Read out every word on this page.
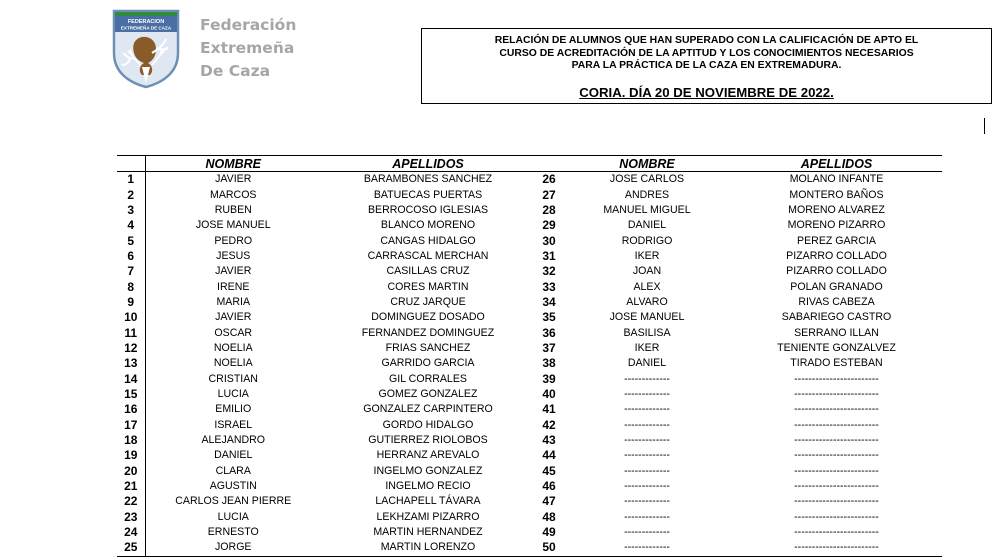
FEDERACION
EXTREMEÑA DE CAZA Federación
Extremeña
De Caza
RELACIÓN DE ALUMNOS QUE HAN SUPERADO CON LA CALIFICACIÓN DE APTO EL
CURSO DE ACREDITACIÓN DE LA APTITUD Y LOS CONOCIMIENTOS NECESARIOS
PARA LA PRÁCTICA DE LA CAZA EN EXTREMADURA.
CORIA. DÍA 20 DE NOVIEMBRE DE 2022.
	NOMBRE	APELLIDOS		NOMBRE	APELLIDOS
1	JAVIER	BARAMBONES SANCHEZ	26	JOSE CARLOS	MOLANO INFANTE
2	MARCOS	BATUECAS PUERTAS	27	ANDRES	MONTERO BAÑOS
3	RUBEN	BERROCOSO IGLESIAS	28	MANUEL MIGUEL	MORENO ALVAREZ
4	JOSE MANUEL	BLANCO MORENO	29	DANIEL	MORENO PIZARRO
5	PEDRO	CANGAS HIDALGO	30	RODRIGO	PEREZ GARCIA
6	JESUS	CARRASCAL MERCHAN	31	IKER	PIZARRO COLLADO
7	JAVIER	CASILLAS CRUZ	32	JOAN	PIZARRO COLLADO
8	IRENE	CORES MARTIN	33	ALEX	POLAN GRANADO
9	MARIA	CRUZ JARQUE	34	ALVARO	RIVAS CABEZA
10	JAVIER	DOMINGUEZ DOSADO	35	JOSE MANUEL	SABARIEGO CASTRO
11	OSCAR	FERNANDEZ DOMINGUEZ	36	BASILISA	SERRANO ILLAN
12	NOELIA	FRIAS SANCHEZ	37	IKER	TENIENTE GONZALVEZ
13	NOELIA	GARRIDO GARCIA	38	DANIEL	TIRADO ESTEBAN
14	CRISTIAN	GIL CORRALES	39	-------------	------------------------
15	LUCIA	GOMEZ GONZALEZ	40	-------------	------------------------
16	EMILIO	GONZALEZ CARPINTERO	41	-------------	------------------------
17	ISRAEL	GORDO HIDALGO	42	-------------	------------------------
18	ALEJANDRO	GUTIERREZ RIOLOBOS	43	-------------	------------------------
19	DANIEL	HERRANZ AREVALO	44	-------------	------------------------
20	CLARA	INGELMO GONZALEZ	45	-------------	------------------------
21	AGUSTIN	INGELMO RECIO	46	-------------	------------------------
22	CARLOS JEAN PIERRE	LACHAPELL TÁVARA	47	-------------	------------------------
23	LUCIA	LEKHZAMI PIZARRO	48	-------------	------------------------
24	ERNESTO	MARTIN HERNANDEZ	49	-------------	------------------------
25	JORGE	MARTIN LORENZO	50	-------------	------------------------
